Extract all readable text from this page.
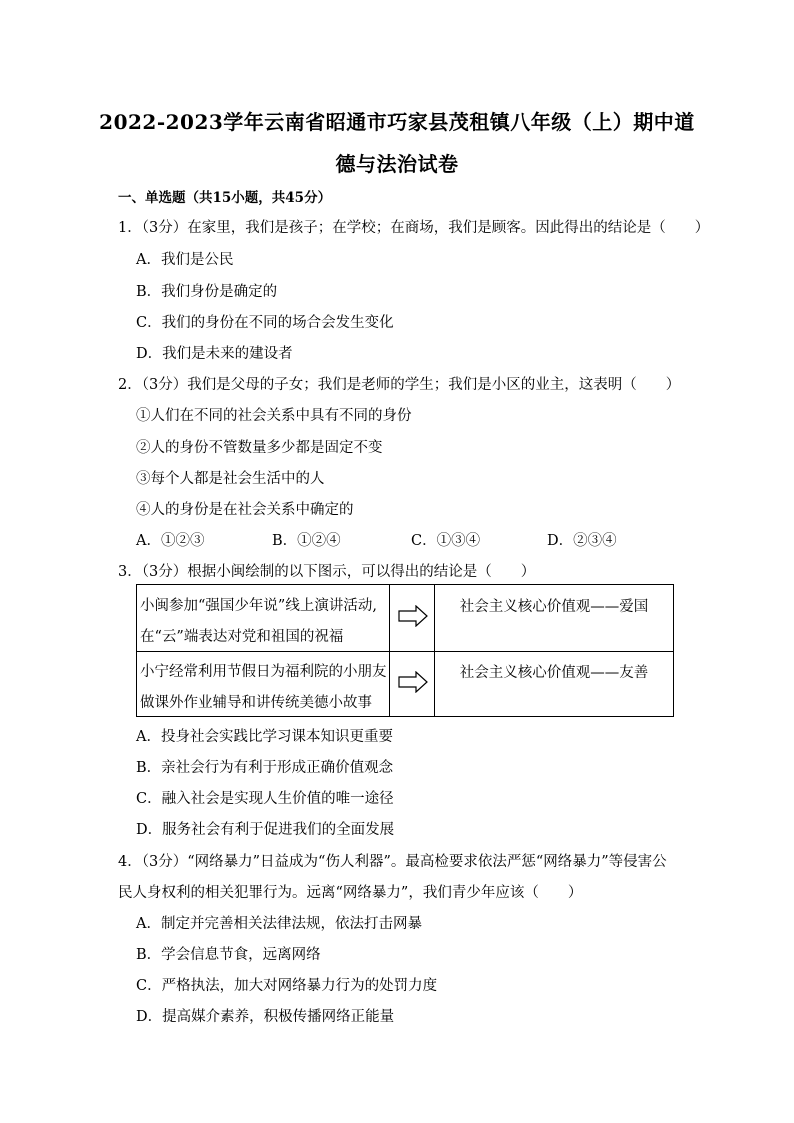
2022-2023学年云南省昭通市巧家县茂租镇八年级（上）期中道
德与法治试卷
一、单选题（共15小题，共45分）
1．（3分）在家里，我们是孩子；在学校；在商场，我们是顾客。因此得出的结论是（　　）
A．我们是公民
B．我们身份是确定的
C．我们的身份在不同的场合会发生变化
D．我们是未来的建设者
2．（3分）我们是父母的子女；我们是老师的学生；我们是小区的业主，这表明（　　）
①人们在不同的社会关系中具有不同的身份
②人的身份不管数量多少都是固定不变
③每个人都是社会生活中的人
④人的身份是在社会关系中确定的
A．①②③	B．①②④	C．①③④	D．②③④
3．（3分）根据小闽绘制的以下图示，可以得出的结论是（　　）
小闽参加“强国少年说”线上演讲活动,
在“云”端表达对党和祖国的祝福
社会主义核心价值观——爱国
小宁经常利用节假日为福利院的小朋友
做课外作业辅导和讲传统美德小故事
社会主义核心价值观——友善
A．投身社会实践比学习课本知识更重要
B．亲社会行为有利于形成正确价值观念
C．融入社会是实现人生价值的唯一途径
D．服务社会有利于促进我们的全面发展
4．（3分）“网络暴力”日益成为“伤人利器”。最高检要求依法严惩“网络暴力”等侵害公
民人身权利的相关犯罪行为。远离“网络暴力”，我们青少年应该（　　）
A．制定并完善相关法律法规，依法打击网暴
B．学会信息节食，远离网络
C．严格执法，加大对网络暴力行为的处罚力度
D．提高媒介素养，积极传播网络正能量
